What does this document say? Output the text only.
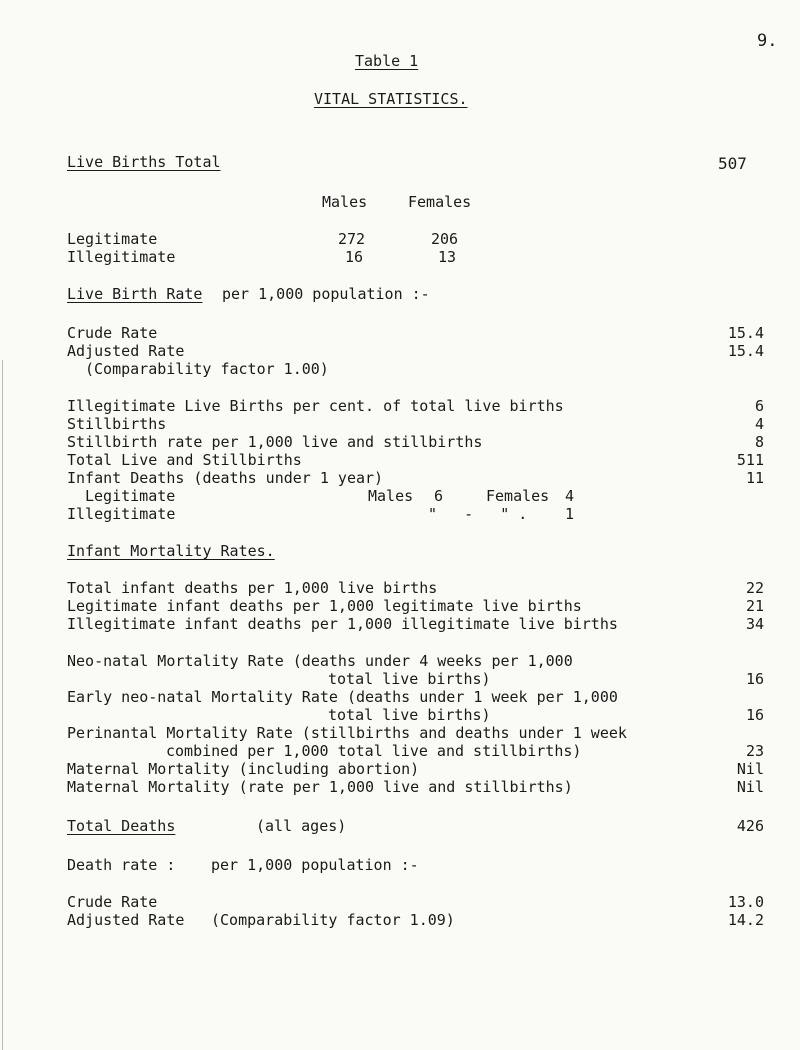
9.
Table 1
VITAL STATISTICS.
Live Births Total	507
Males	Females
Legitimate	272	206
Illegitimate	16	13
Live Birth Rate per 1,000 population :-
Crude Rate	15.4
Adjusted Rate	15.4
(Comparability factor 1.00)
Illegitimate Live Births per cent. of total live births	6
Stillbirths	4
Stillbirth rate per 1,000 live and stillbirths	8
Total Live and Stillbirths	511
Infant Deaths (deaths under 1 year)	11
Legitimate	Males 6	Females 4
Illegitimate	"   -   " .	1
Infant Mortality Rates.
Total infant deaths per 1,000 live births	22
Legitimate infant deaths per 1,000 legitimate live births	21
Illegitimate infant deaths per 1,000 illegitimate live births	34
Neo-natal Mortality Rate (deaths under 4 weeks per 1,000
total live births)	16
Early neo-natal Mortality Rate (deaths under 1 week per 1,000
total live births)	16
Perinantal Mortality Rate (stillbirths and deaths under 1 week
combined per 1,000 total live and stillbirths)	23
Maternal Mortality (including abortion)	Nil
Maternal Mortality (rate per 1,000 live and stillbirths)	Nil
Total Deaths	(all ages)	426
Death rate : per 1,000 population :-
Crude Rate	13.0
Adjusted Rate (Comparability factor 1.09)	14.2
